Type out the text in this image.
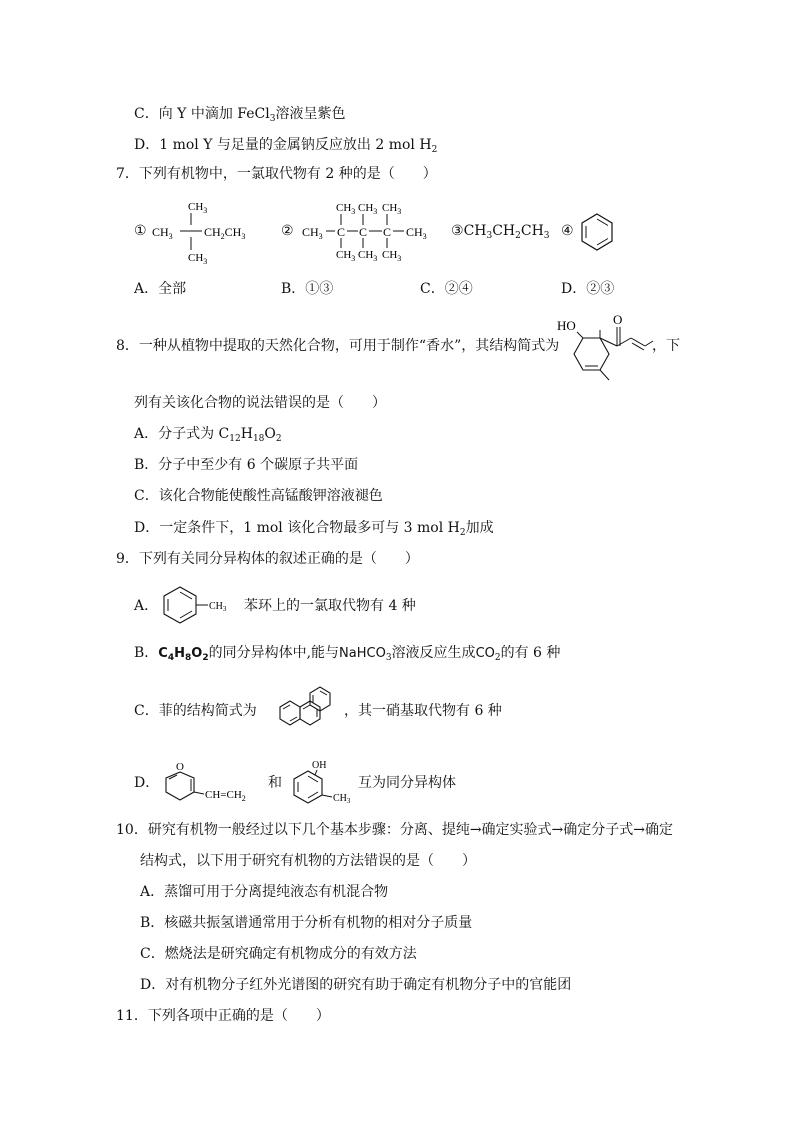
C．向 Y 中滴加 FeCl$_3$溶液呈紫色
D．1 mol Y 与足量的金属钠反应放出 2 mol $H_2$
7．下列有机物中，一氯取代物有 2 种的是（　　）
①
$CH_3$
$CH_3$	$CH_2CH_3$
$CH_3$
②
$CH_3$ $CH_3$ $CH_3$
$CH_3$ C C C $CH_3$
$CH_3$ $CH_3$ $CH_3$
$③CH_3CH_2CH_3$ ④
A．全部	B．①③	C．②④	D．②③
8．一种从植物中提取的天然化合物，可用于制作“香水”，其结构简式为
HO	O
，下
列有关该化合物的说法错误的是（　　）
A．分子式为 $C_{12}H_{18}O_2$
B．分子中至少有 6 个碳原子共平面
C．该化合物能使酸性高锰酸钾溶液褪色
D．一定条件下，1 mol 该化合物最多可与 3 mol $H_2$加成
9．下列有关同分异构体的叙述正确的是（　　）
A．	$CH_3$ 苯环上的一氯取代物有 4 种
B．$C_4H_8O_2$的同分异构体中,能与NaHCO$_3$溶液反应生成$CO_2$的有 6 种
C．菲的结构简式为	，其一硝基取代物有 6 种
D．
O
$CH=CH_2$
和
OH
$CH_3$
互为同分异构体
10．研究有机物一般经过以下几个基本步骤：分离、提纯→确定实验式→确定分子式→确定
结构式，以下用于研究有机物的方法错误的是（　　）
A．蒸馏可用于分离提纯液态有机混合物
B．核磁共振氢谱通常用于分析有机物的相对分子质量
C．燃烧法是研究确定有机物成分的有效方法
D．对有机物分子红外光谱图的研究有助于确定有机物分子中的官能团
11．下列各项中正确的是（　　）
